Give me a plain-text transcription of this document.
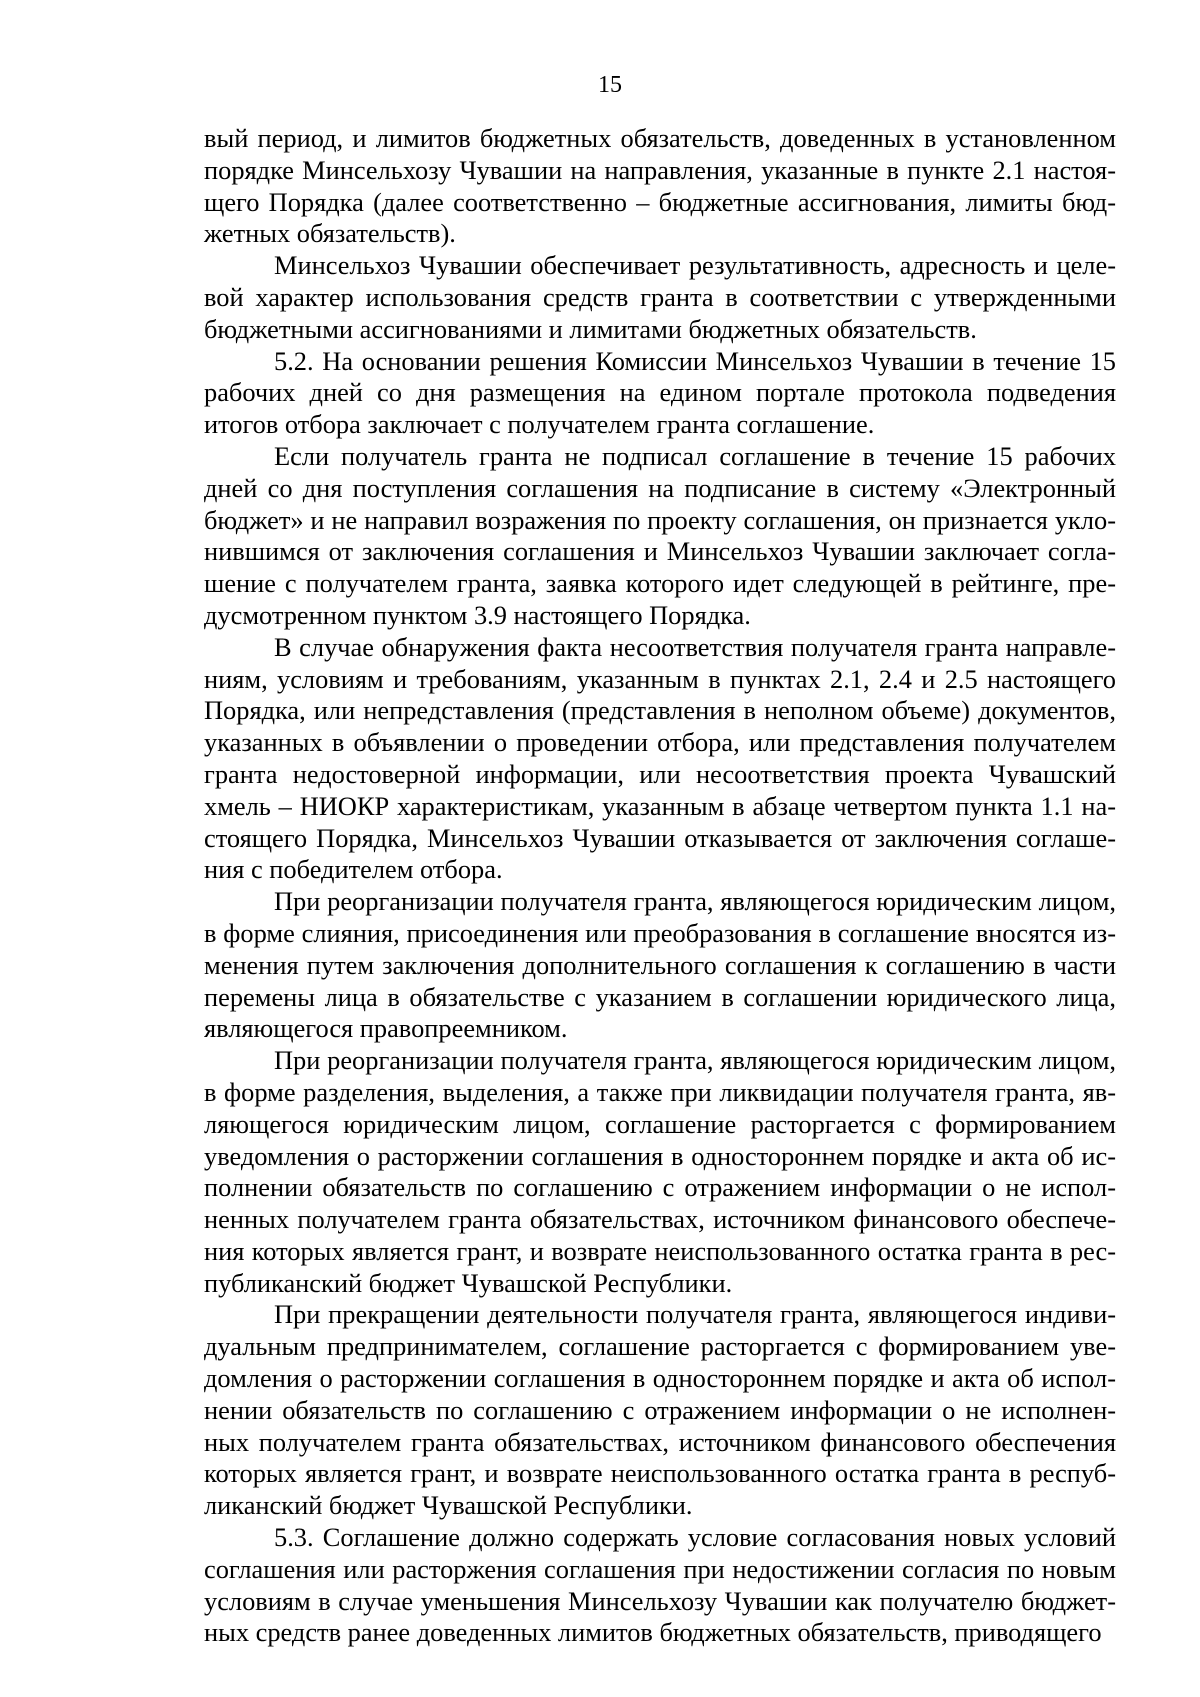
15

вый период, и лимитов бюджетных обязательств, доведенных в установленном порядке Минсельхозу Чувашии на направления, указанные в пункте 2.1 настоящего Порядка (далее соответственно – бюджетные ассигнования, лимиты бюджетных обязательств).

Минсельхоз Чувашии обеспечивает результативность, адресность и целевой характер использования средств гранта в соответствии с утвержденными бюджетными ассигнованиями и лимитами бюджетных обязательств.

5.2. На основании решения Комиссии Минсельхоз Чувашии в течение 15 рабочих дней со дня размещения на едином портале протокола подведения итогов отбора заключает с получателем гранта соглашение.

Если получатель гранта не подписал соглашение в течение 15 рабочих дней со дня поступления соглашения на подписание в систему «Электронный бюджет» и не направил возражения по проекту соглашения, он признается уклонившимся от заключения соглашения и Минсельхоз Чувашии заключает соглашение с получателем гранта, заявка которого идет следующей в рейтинге, предусмотренном пунктом 3.9 настоящего Порядка.

В случае обнаружения факта несоответствия получателя гранта направлениям, условиям и требованиям, указанным в пунктах 2.1, 2.4 и 2.5 настоящего Порядка, или непредставления (представления в неполном объеме) документов, указанных в объявлении о проведении отбора, или представления получателем гранта недостоверной информации, или несоответствия проекта Чувашский хмель – НИОКР характеристикам, указанным в абзаце четвертом пункта 1.1 настоящего Порядка, Минсельхоз Чувашии отказывается от заключения соглашения с победителем отбора.

При реорганизации получателя гранта, являющегося юридическим лицом, в форме слияния, присоединения или преобразования в соглашение вносятся изменения путем заключения дополнительного соглашения к соглашению в части перемены лица в обязательстве с указанием в соглашении юридического лица, являющегося правопреемником.

При реорганизации получателя гранта, являющегося юридическим лицом, в форме разделения, выделения, а также при ликвидации получателя гранта, являющегося юридическим лицом, соглашение расторгается с формированием уведомления о расторжении соглашения в одностороннем порядке и акта об исполнении обязательств по соглашению с отражением информации о не исполненных получателем гранта обязательствах, источником финансового обеспечения которых является грант, и возврате неиспользованного остатка гранта в республиканский бюджет Чувашской Республики.

При прекращении деятельности получателя гранта, являющегося индивидуальным предпринимателем, соглашение расторгается с формированием уведомления о расторжении соглашения в одностороннем порядке и акта об исполнении обязательств по соглашению с отражением информации о не исполненных получателем гранта обязательствах, источником финансового обеспечения которых является грант, и возврате неиспользованного остатка гранта в республиканский бюджет Чувашской Республики.

5.3. Соглашение должно содержать условие согласования новых условий соглашения или расторжения соглашения при недостижении согласия по новым условиям в случае уменьшения Минсельхозу Чувашии как получателю бюджетных средств ранее доведенных лимитов бюджетных обязательств, приводящего
